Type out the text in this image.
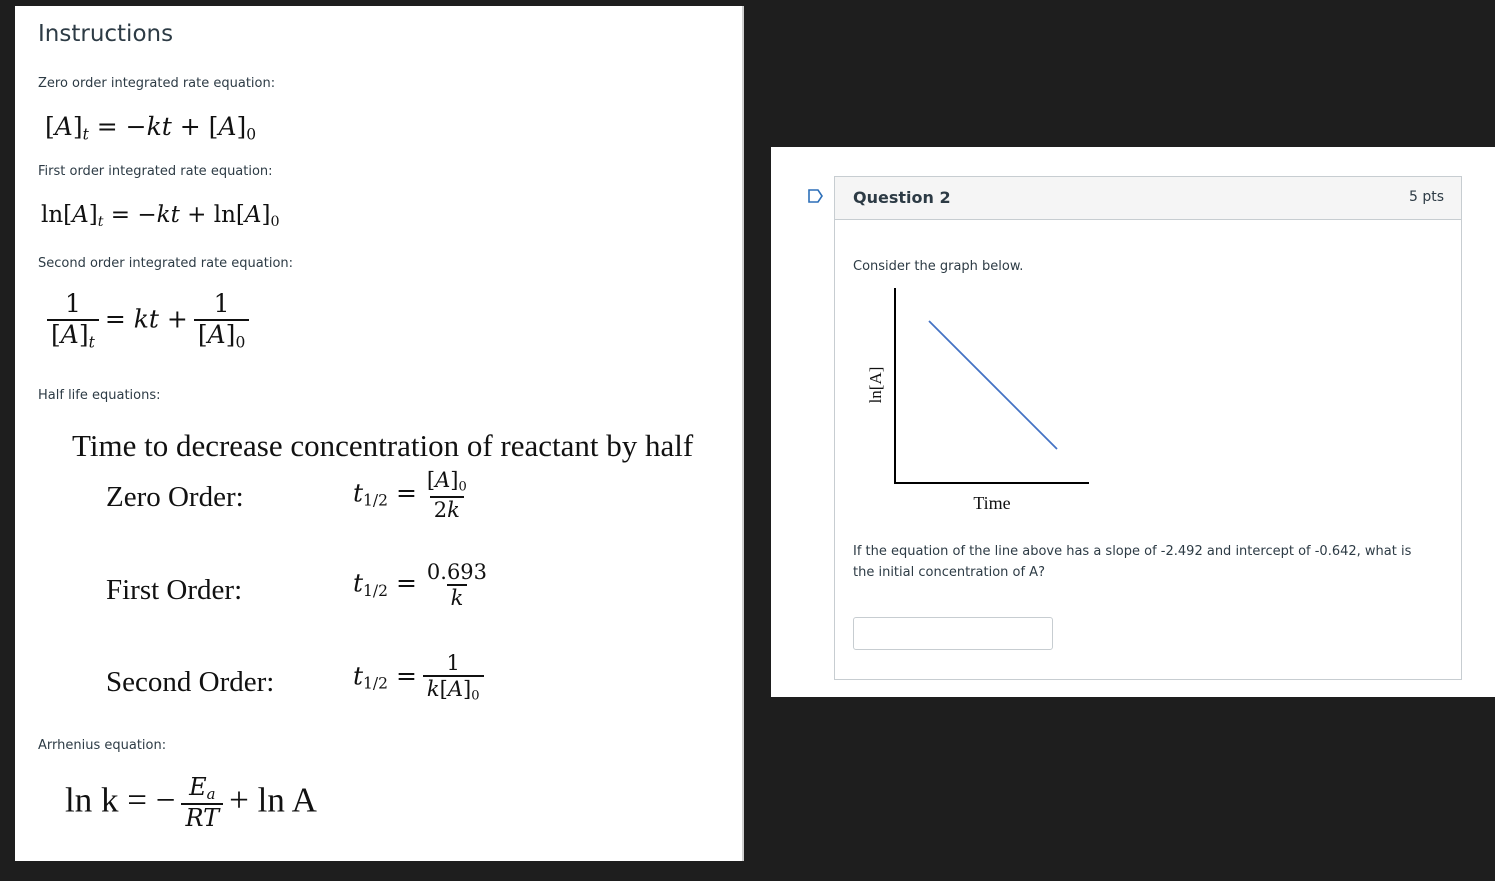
Instructions
Zero order integrated rate equation:
$[A]_t = -kt + [A]_0$
First order integrated rate equation:
$\ln[A]_t = -kt + \ln[A]_0$
Second order integrated rate equation:
$\frac{1}{[A]_t}$ = kt + $\frac{1}{[A]_0}$
Half life equations:
Time to decrease concentration of reactant by half
Zero Order:	$t_{1/2} = \frac{[A]_0}{2k}$
First Order:	$t_{1/2} = \frac{0.693}{k}$
Second Order:	$t_{1/2} = \frac{1}{k[A]_0}$
Arrhenius equation:
ln k = − $\frac{E_a}{RT} + \ln A$
Question 2	5 pts
Consider the graph below.
ln[A]
Time
If the equation of the line above has a slope of -2.492 and intercept of -0.642, what is the initial concentration of A?
